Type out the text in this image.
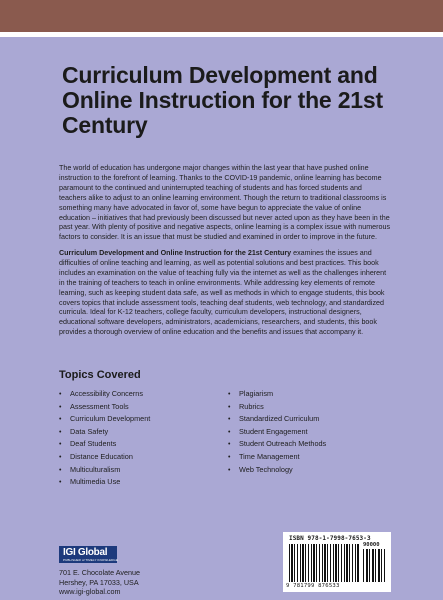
Curriculum Development and Online Instruction for the 21st Century

The world of education has undergone major changes within the last year that have pushed online instruction to the forefront of learning. Thanks to the COVID-19 pandemic, online learning has become paramount to the continued and uninterrupted teaching of students and has forced students and teachers alike to adjust to an online learning environment. Though the return to traditional classrooms is something many have advocated in favor of, some have begun to appreciate the value of online education – initiatives that had previously been discussed but never acted upon as they have been in the past year. With plenty of positive and negative aspects, online learning is a complex issue with numerous factors to consider. It is an issue that must be studied and examined in order to improve in the future.

Curriculum Development and Online Instruction for the 21st Century examines the issues and difficulties of online teaching and learning, as well as potential solutions and best practices. This book includes an examination on the value of teaching fully via the internet as well as the challenges inherent in the training of teachers to teach in online environments. While addressing key elements of remote learning, such as keeping student data safe, as well as methods in which to engage students, this book covers topics that include assessment tools, teaching deaf students, web technology, and standardized curricula. Ideal for K-12 teachers, college faculty, curriculum developers, instructional designers, educational software developers, administrators, academicians, researchers, and students, this book provides a thorough overview of online education and the benefits and issues that accompany it.

Topics Covered
• Accessibility Concerns
• Assessment Tools
• Curriculum Development
• Data Safety
• Deaf Students
• Distance Education
• Multiculturalism
• Multimedia Use
• Plagiarism
• Rubrics
• Standardized Curriculum
• Student Engagement
• Student Outreach Methods
• Time Management
• Web Technology
IGI Global
PUBLISHER of TIMELY KNOWLEDGE
701 E. Chocolate Avenue
Hershey, PA 17033, USA
www.igi-global.com
ISBN 978-1-7998-7653-3
90000
9 781799 876533
